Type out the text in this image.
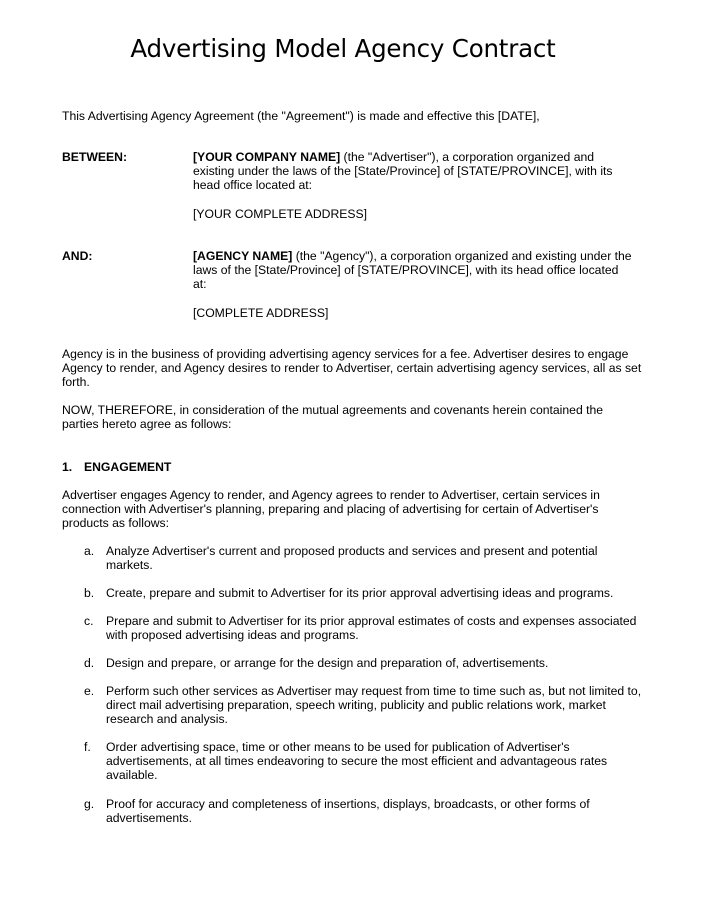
Advertising Model Agency Contract
This Advertising Agency Agreement (the "Agreement") is made and effective this [DATE],
BETWEEN:	[YOUR COMPANY NAME] (the "Advertiser"), a corporation organized and existing under the laws of the [State/Province] of [STATE/PROVINCE], with its head office located at:
[YOUR COMPLETE ADDRESS]
AND:	[AGENCY NAME] (the "Agency"), a corporation organized and existing under the laws of the [State/Province] of [STATE/PROVINCE], with its head office located at:
[COMPLETE ADDRESS]
Agency is in the business of providing advertising agency services for a fee. Advertiser desires to engage Agency to render, and Agency desires to render to Advertiser, certain advertising agency services, all as set forth.
NOW, THEREFORE, in consideration of the mutual agreements and covenants herein contained the parties hereto agree as follows:
1. ENGAGEMENT
Advertiser engages Agency to render, and Agency agrees to render to Advertiser, certain services in connection with Advertiser's planning, preparing and placing of advertising for certain of Advertiser's products as follows:
a. Analyze Advertiser's current and proposed products and services and present and potential markets.
b. Create, prepare and submit to Advertiser for its prior approval advertising ideas and programs.
c.	Prepare and submit to Advertiser for its prior approval estimates of costs and expenses associated with proposed advertising ideas and programs.
d. Design and prepare, or arrange for the design and preparation of, advertisements.
e. Perform such other services as Advertiser may request from time to time such as, but not limited to, direct mail advertising preparation, speech writing, publicity and public relations work, market research and analysis.
f.	Order advertising space, time or other means to be used for publication of Advertiser's advertisements, at all times endeavoring to secure the most efficient and advantageous rates available.
g. Proof for accuracy and completeness of insertions, displays, broadcasts, or other forms of advertisements.
